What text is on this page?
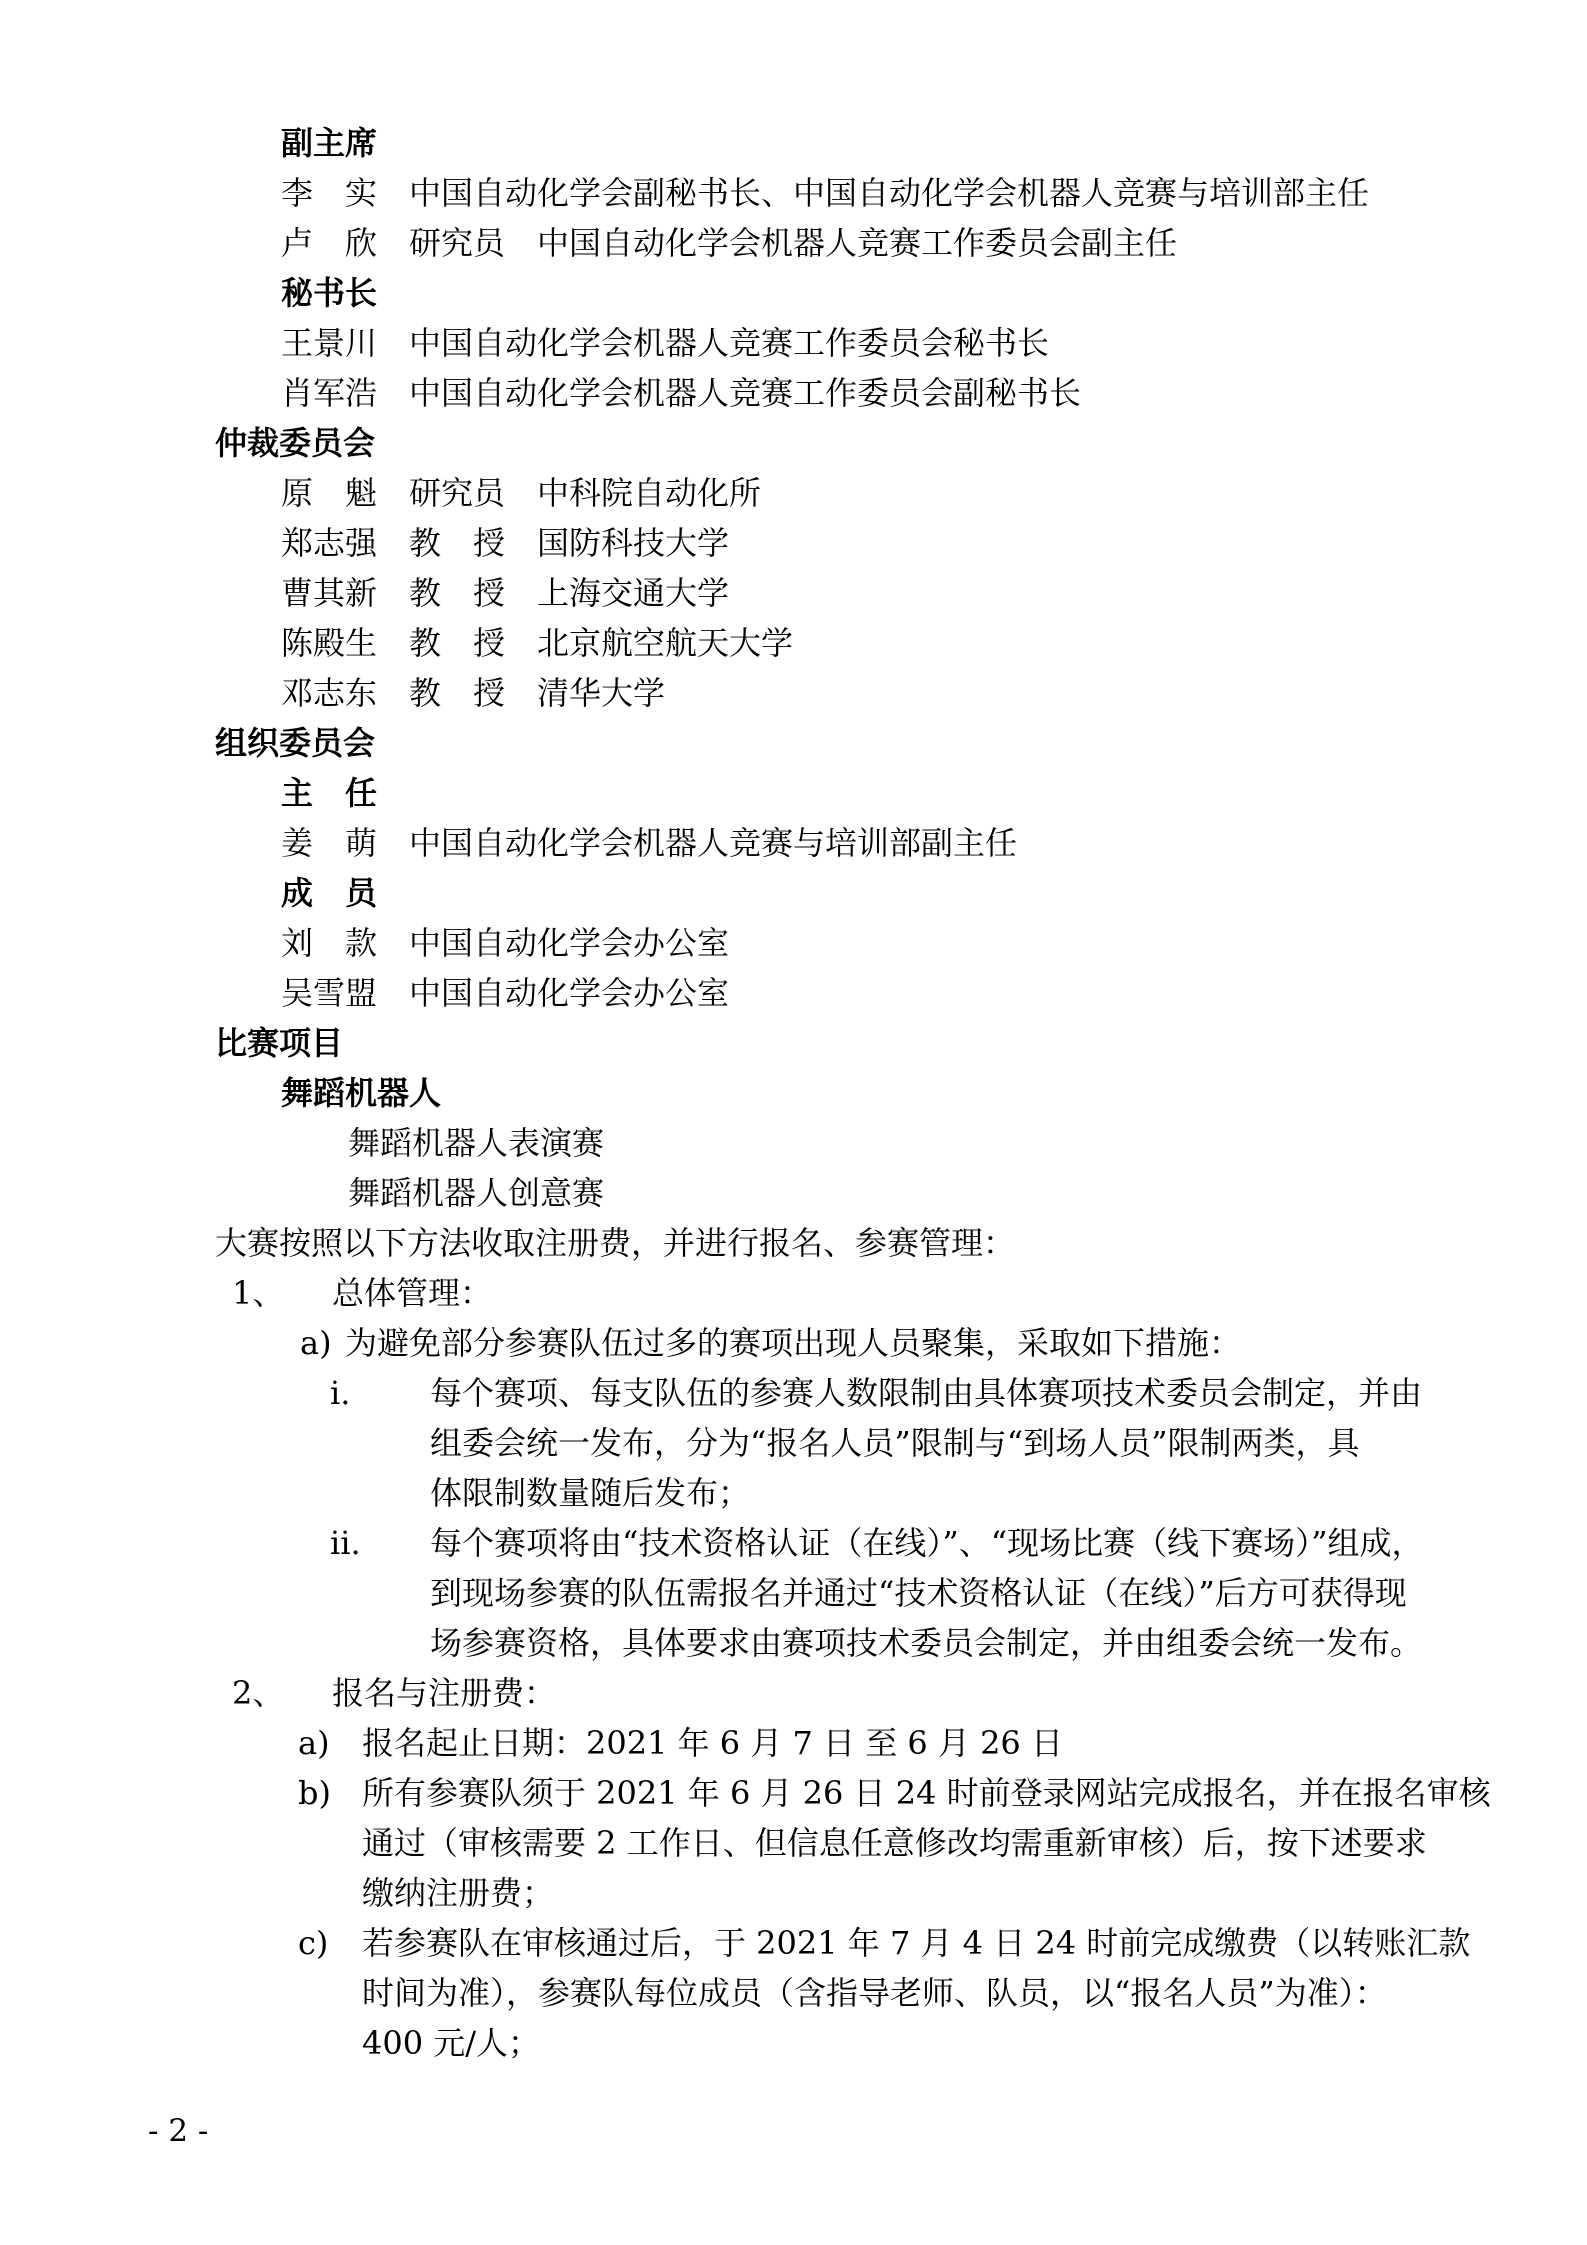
副主席
李　实　中国自动化学会副秘书长、中国自动化学会机器人竞赛与培训部主任
卢　欣　研究员　中国自动化学会机器人竞赛工作委员会副主任
秘书长
王景川　中国自动化学会机器人竞赛工作委员会秘书长
肖军浩　中国自动化学会机器人竞赛工作委员会副秘书长
仲裁委员会
原　魁　研究员　中科院自动化所
郑志强　教　授　国防科技大学
曹其新　教　授　上海交通大学
陈殿生　教　授　北京航空航天大学
邓志东　教　授　清华大学
组织委员会
主　任
姜　萌　中国自动化学会机器人竞赛与培训部副主任
成　员
刘　款　中国自动化学会办公室
吴雪盟　中国自动化学会办公室
比赛项目
舞蹈机器人
舞蹈机器人表演赛
舞蹈机器人创意赛
大赛按照以下方法收取注册费，并进行报名、参赛管理：
1、 总体管理：
a) 为避免部分参赛队伍过多的赛项出现人员聚集，采取如下措施：
i. 每个赛项、每支队伍的参赛人数限制由具体赛项技术委员会制定，并由
组委会统一发布，分为“报名人员”限制与“到场人员”限制两类，具
体限制数量随后发布；
ii. 每个赛项将由“技术资格认证（在线）”、“现场比赛（线下赛场）”组成，
到现场参赛的队伍需报名并通过“技术资格认证（在线）”后方可获得现
场参赛资格，具体要求由赛项技术委员会制定，并由组委会统一发布。
2、 报名与注册费：
a) 报名起止日期：2021 年 6 月 7 日 至 6 月 26 日
b) 所有参赛队须于 2021 年 6 月 26 日 24 时前登录网站完成报名，并在报名审核
通过（审核需要 2 工作日、但信息任意修改均需重新审核）后，按下述要求
缴纳注册费；
c) 若参赛队在审核通过后，于 2021 年 7 月 4 日 24 时前完成缴费（以转账汇款
时间为准），参赛队每位成员（含指导老师、队员，以“报名人员”为准）：
400 元/人；
- 2 -
